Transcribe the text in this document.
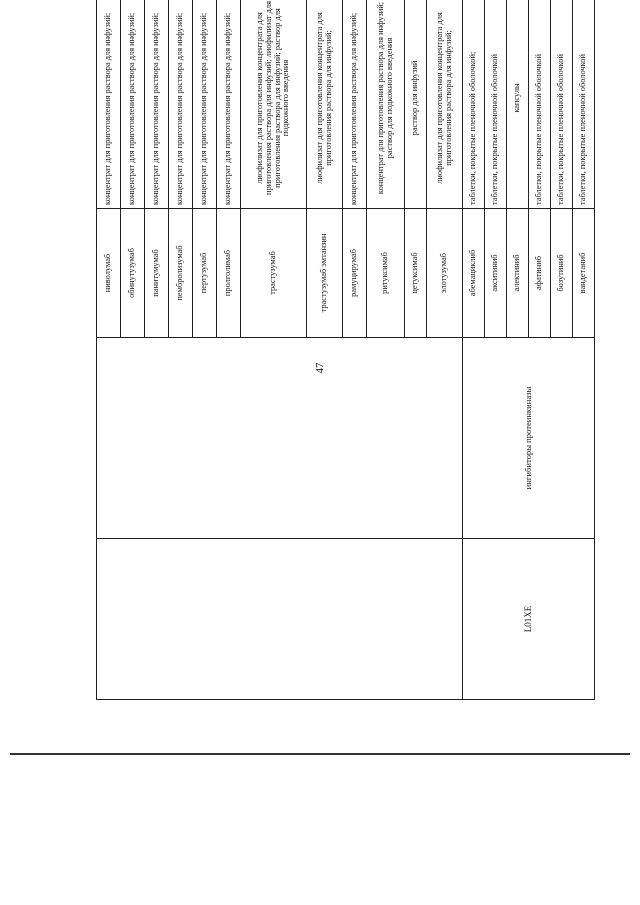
47
		ниволумаб	концентрат для приготовления раствора для инфузий;
		обинутузумаб	концентрат для приготовления раствора для инфузий;
		панитумумаб	концентрат для приготовления раствора для инфузий;
		пембролизумаб	концентрат для приготовления раствора для инфузий;
		пертузумаб	концентрат для приготовления раствора для инфузий;
		пролголимаб	концентрат для приготовления раствора для инфузий;
		трастузумаб	лиофилизат для приготовления концентрата для приготовления раствора для инфузий; лиофилизат для приготовления раствора для инфузий; раствор для подкожного введения
		трастузумаб эмтанзин	лиофилизат для приготовления концентрата для приготовления раствора для инфузий;
		рамуцирумаб	концентрат для приготовления раствора для инфузий;
		ритуксимаб	концентрат для приготовления раствора для инфузий; раствор для подкожного введения
		цетуксимаб	раствор для инфузий
		элотузумаб	лиофилизат для приготовления концентрата для приготовления раствора для инфузий;
L01XE	ингибиторы протеинкиназы	абемациклиб	таблетки, покрытые пленочной оболочкой;
		акситиниб	таблетки, покрытые пленочной оболочкой
		алектиниб	капсулы
		афатиниб	таблетки, покрытые пленочной оболочкой
		бозутиниб	таблетки, покрытые пленочной оболочкой
		вандетаниб	таблетки, покрытые пленочной оболочкой
